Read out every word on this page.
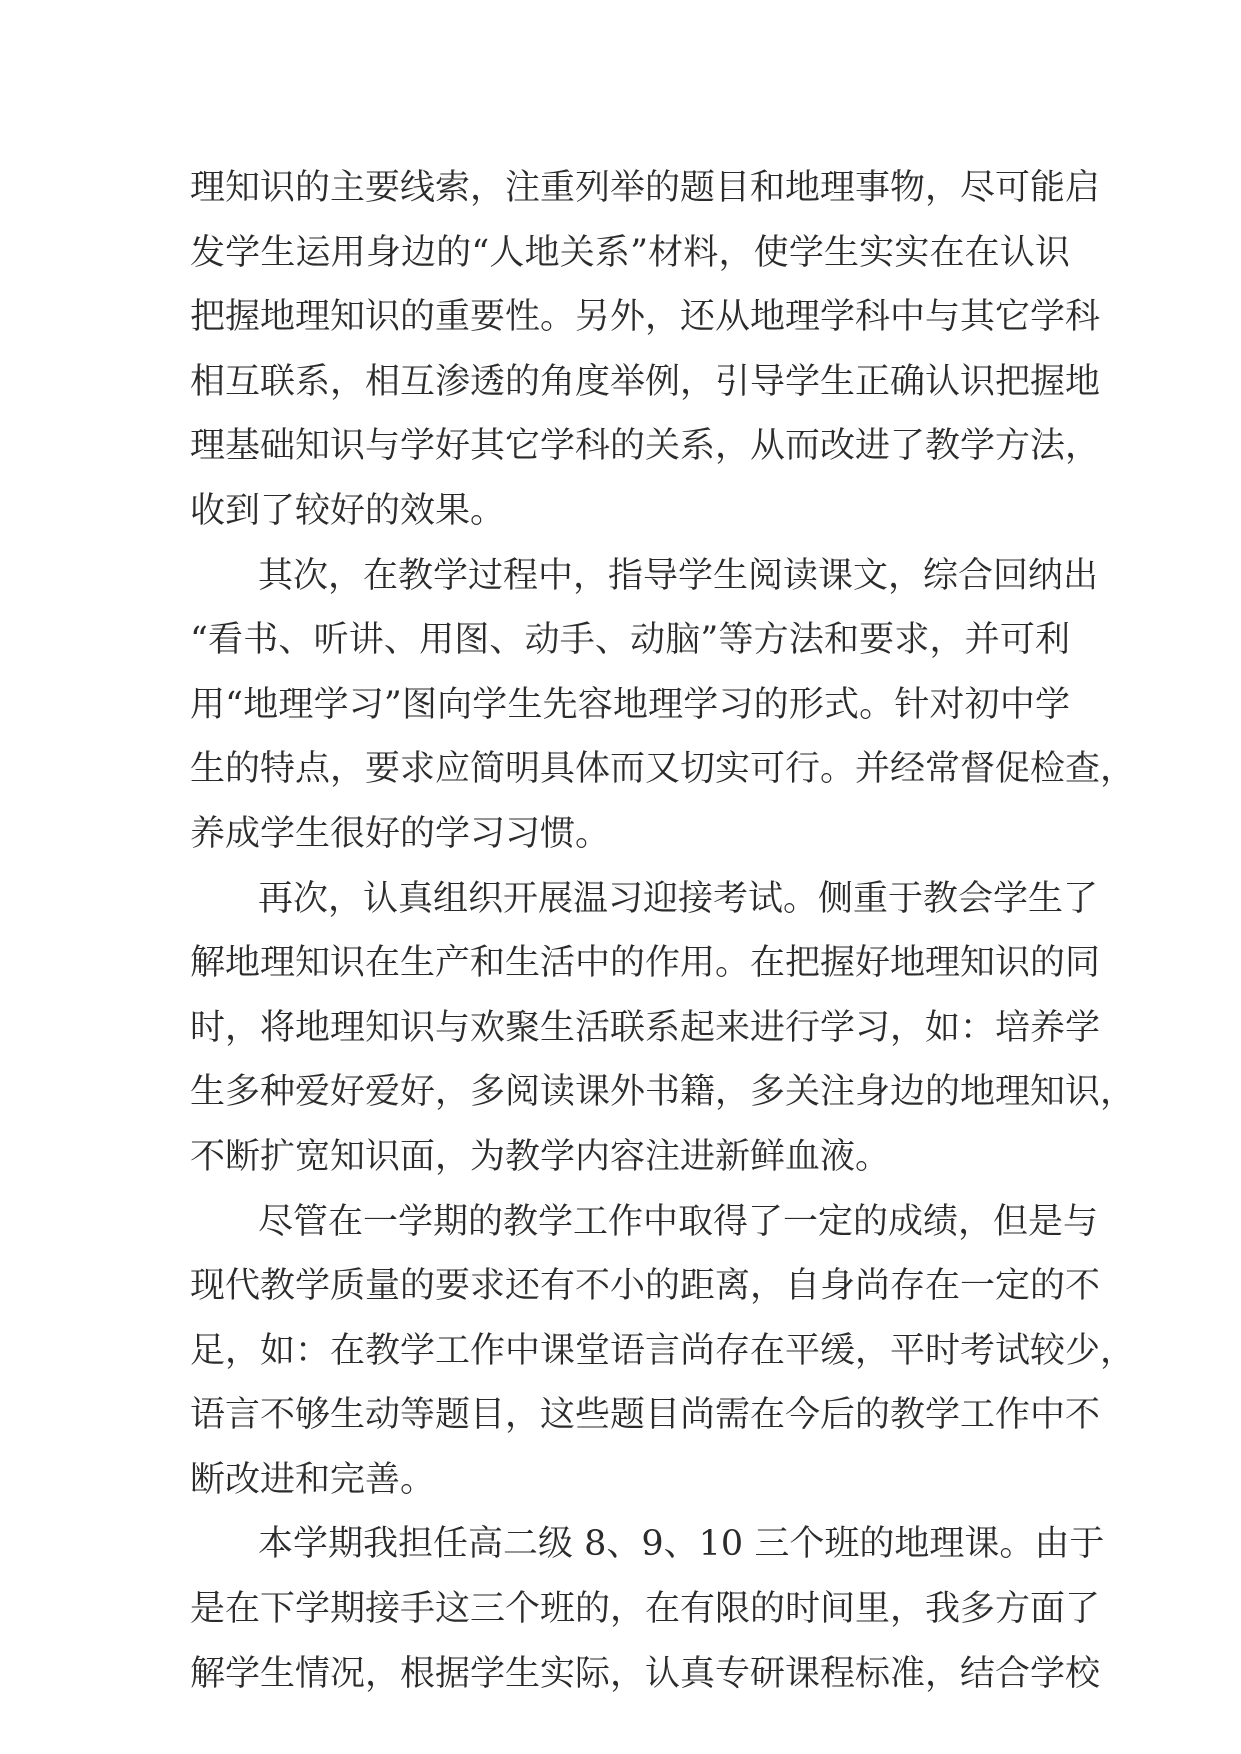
理知识的主要线索，注重列举的题目和地理事物，尽可能启
发学生运用身边的“人地关系”材料，使学生实实在在认识
把握地理知识的重要性。另外，还从地理学科中与其它学科
相互联系，相互渗透的角度举例，引导学生正确认识把握地
理基础知识与学好其它学科的关系，从而改进了教学方法，
收到了较好的效果。
其次，在教学过程中，指导学生阅读课文，综合回纳出
“看书、听讲、用图、动手、动脑”等方法和要求，并可利
用“地理学习”图向学生先容地理学习的形式。针对初中学
生的特点，要求应简明具体而又切实可行。并经常督促检查，
养成学生很好的学习习惯。
再次，认真组织开展温习迎接考试。侧重于教会学生了
解地理知识在生产和生活中的作用。在把握好地理知识的同
时，将地理知识与欢聚生活联系起来进行学习，如：培养学
生多种爱好爱好，多阅读课外书籍，多关注身边的地理知识，
不断扩宽知识面，为教学内容注进新鲜血液。
尽管在一学期的教学工作中取得了一定的成绩，但是与
现代教学质量的要求还有不小的距离，自身尚存在一定的不
足，如：在教学工作中课堂语言尚存在平缓，平时考试较少，
语言不够生动等题目，这些题目尚需在今后的教学工作中不
断改进和完善。
本学期我担任高二级 8、9、10 三个班的地理课。由于
是在下学期接手这三个班的，在有限的时间里，我多方面了
解学生情况，根据学生实际，认真专研课程标准，结合学校
